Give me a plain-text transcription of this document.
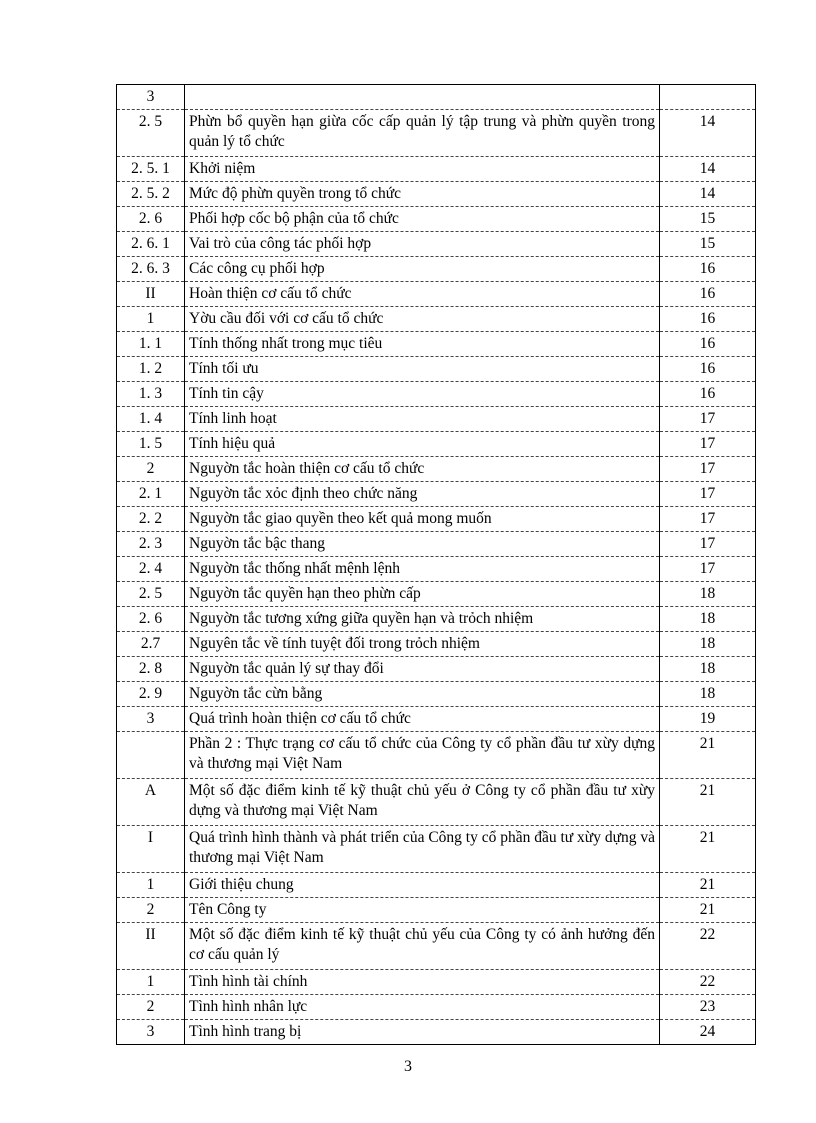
3		
2. 5	Phừn bổ quyền hạn giừa cốc cấp quản lý tập trung và phừn quyền trong quản lý tổ chức	14
2. 5. 1	Khởi niệm	14
2. 5. 2	Mức độ phừn quyền trong tổ chức	14
2. 6	Phối hợp cốc bộ phận của tổ chức	15
2. 6. 1	Vai trò của công tác phối hợp	15
2. 6. 3	Các công cụ phối hợp	16
II	Hoàn thiện cơ cấu tổ chức	16
1	Yờu cầu đối với cơ cấu tổ chức	16
1. 1	Tính thống nhất trong mục tiêu	16
1. 2	Tính tối ưu	16
1. 3	Tính tin cậy	16
1. 4	Tính linh hoạt	17
1. 5	Tính hiệu quả	17
2	Nguyờn tắc hoàn thiện cơ cấu tổ chức	17
2. 1	Nguyờn tắc xỏc định theo chức năng	17
2. 2	Nguyờn tắc giao quyền theo kết quả mong muốn	17
2. 3	Nguyờn tắc bậc thang	17
2. 4	Nguyờn tắc thống nhất mệnh lệnh	17
2. 5	Nguyờn tắc quyền hạn theo phừn cấp	18
2. 6	Nguyờn tắc tương xứng giữa quyền hạn và trỏch nhiệm	18
2.7	Nguyên tắc về tính tuyệt đối trong trỏch nhiệm	18
2. 8	Nguyờn tắc quản lý sự thay đổi	18
2. 9	Nguyờn tắc cừn bằng	18
3	Quá trình hoàn thiện cơ cấu tổ chức	19
	Phần 2 : Thực trạng cơ cấu tổ chức của Công ty cổ phần đầu tư xừy dựng và thương mại Việt Nam	21
A	Một số đặc điểm kinh tế kỹ thuật chủ yếu ở Công ty cổ phần đầu tư xừy dựng và thương mại Việt Nam	21
I	Quá trình hình thành và phát triển của Công ty cổ phần đầu tư xừy dựng và thương mại Việt Nam	21
1	Giới thiệu chung	21
2	Tên Công ty	21
II	Một số đặc điểm kinh tế kỹ thuật chủ yếu của Công ty có ảnh hưởng đến cơ cấu quản lý	22
1	Tình hình tài chính	22
2	Tình hình nhân lực	23
3	Tình hình trang bị	24
3
